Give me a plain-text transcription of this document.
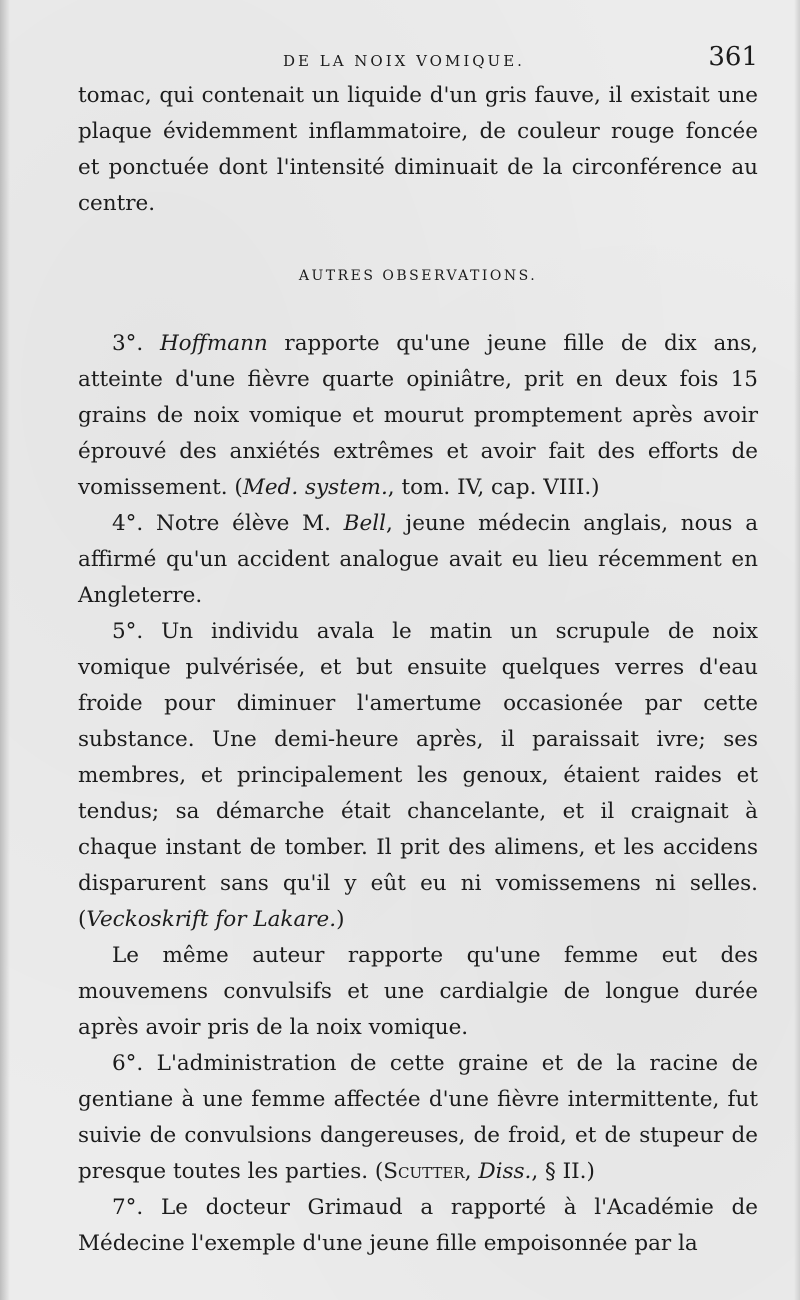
DE LA NOIX VOMIQUE.	361

tomac, qui contenait un liquide d'un gris fauve, il existait une plaque évidemment inflammatoire, de couleur rouge foncée et ponctuée dont l'intensité diminuait de la circonférence au centre.

AUTRES OBSERVATIONS.

3°. Hoffmann rapporte qu'une jeune fille de dix ans, atteinte d'une fièvre quarte opiniâtre, prit en deux fois 15 grains de noix vomique et mourut promptement après avoir éprouvé des anxiétés extrêmes et avoir fait des efforts de vomissement. (Med. system., tom. IV, cap. VIII.)

4°. Notre élève M. Bell, jeune médecin anglais, nous a affirmé qu'un accident analogue avait eu lieu récemment en Angleterre.

5°. Un individu avala le matin un scrupule de noix vomique pulvérisée, et but ensuite quelques verres d'eau froide pour diminuer l'amertume occasionée par cette substance. Une demi-heure après, il paraissait ivre; ses membres, et principalement les genoux, étaient raides et tendus; sa démarche était chancelante, et il craignait à chaque instant de tomber. Il prit des alimens, et les accidens disparurent sans qu'il y eût eu ni vomissemens ni selles. (Veckoskrift for Lakare.)

Le même auteur rapporte qu'une femme eut des mouvemens convulsifs et une cardialgie de longue durée après avoir pris de la noix vomique.

6°. L'administration de cette graine et de la racine de gentiane à une femme affectée d'une fièvre intermittente, fut suivie de convulsions dangereuses, de froid, et de stupeur de presque toutes les parties. (Scutter, Diss., § II.)

7°. Le docteur Grimaud a rapporté à l'Académie de Médecine l'exemple d'une jeune fille empoisonnée par la
